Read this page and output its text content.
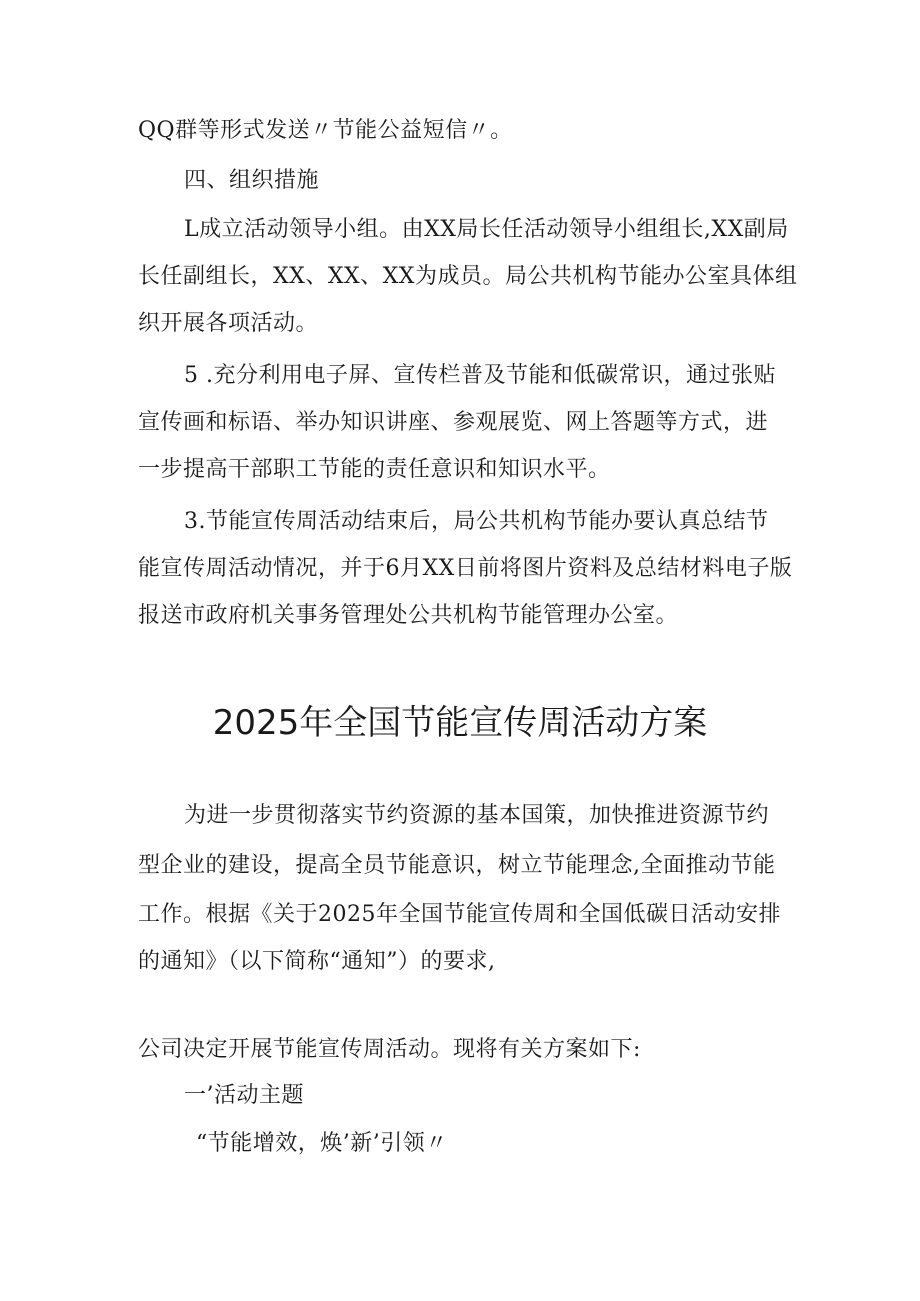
QQ群等形式发送〃节能公益短信〃。
四、组织措施
L成立活动领导小组。由XX局长任活动领导小组组长,XX副局
长任副组长，XX、XX、XX为成员。局公共机构节能办公室具体组
织开展各项活动。
5 .充分利用电子屏、宣传栏普及节能和低碳常识，通过张贴
宣传画和标语、举办知识讲座、参观展览、网上答题等方式，进
一步提高干部职工节能的责任意识和知识水平。
3.节能宣传周活动结束后，局公共机构节能办要认真总结节
能宣传周活动情况，并于6月XX日前将图片资料及总结材料电子版
报送市政府机关事务管理处公共机构节能管理办公室。
2025年全国节能宣传周活动方案
为进一步贯彻落实节约资源的基本国策，加快推进资源节约
型企业的建设，提高全员节能意识，树立节能理念,全面推动节能
工作。根据《关于2025年全国节能宣传周和全国低碳日活动安排
的通知》（以下简称“通知”）的要求,
公司决定开展节能宣传周活动。现将有关方案如下:
一’活动主题
“节能增效，焕’新’引领〃
